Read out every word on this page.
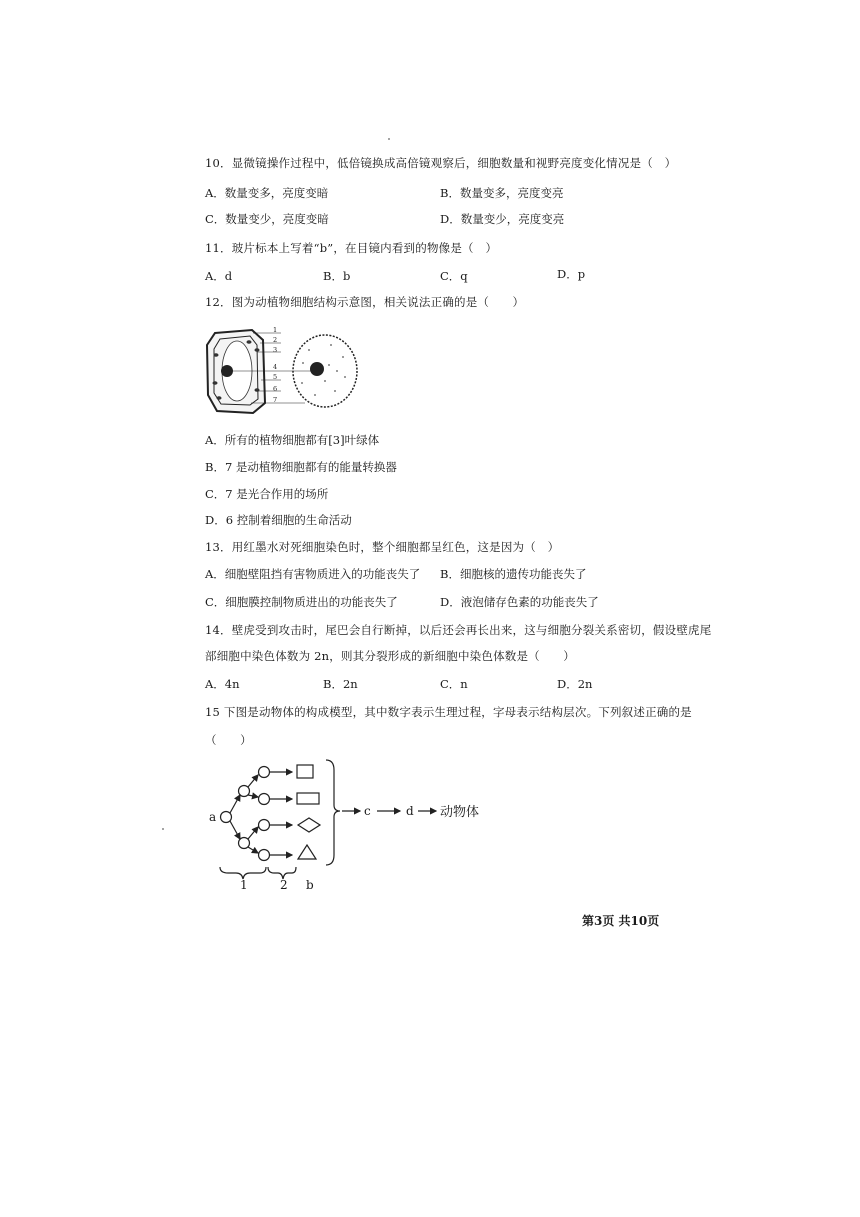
10．显微镜操作过程中，低倍镜换成高倍镜观察后，细胞数量和视野亮度变化情况是（　）
A．数量变多，亮度变暗	B．数量变多，亮度变亮
C．数量变少，亮度变暗	D．数量变少，亮度变亮
11．玻片标本上写着“b”，在目镜内看到的物像是（　）
A．d	B．b	C．q	D．p
12．图为动植物细胞结构示意图，相关说法正确的是（　　）
1
2
3
4
5
6
7
A．所有的植物细胞都有[3]叶绿体
B．7 是动植物细胞都有的能量转换器
C．7 是光合作用的场所
D．6 控制着细胞的生命活动
13．用红墨水对死细胞染色时，整个细胞都呈红色，这是因为（　）
A．细胞壁阻挡有害物质进入的功能丧失了 B．细胞核的遗传功能丧失了
C．细胞膜控制物质进出的功能丧失了	D．液泡储存色素的功能丧失了
14．壁虎受到攻击时，尾巴会自行断掉，以后还会再长出来，这与细胞分裂关系密切，假设壁虎尾
部细胞中染色体数为 2n，则其分裂形成的新细胞中染色体数是（　　）
A．4n	B．2n	C．n	D．2n
15 下图是动物体的构成模型，其中数字表示生理过程，字母表示结构层次。下列叙述正确的是
（　　）
a	c	d 动物体
1	2 b
第3页 共10页
